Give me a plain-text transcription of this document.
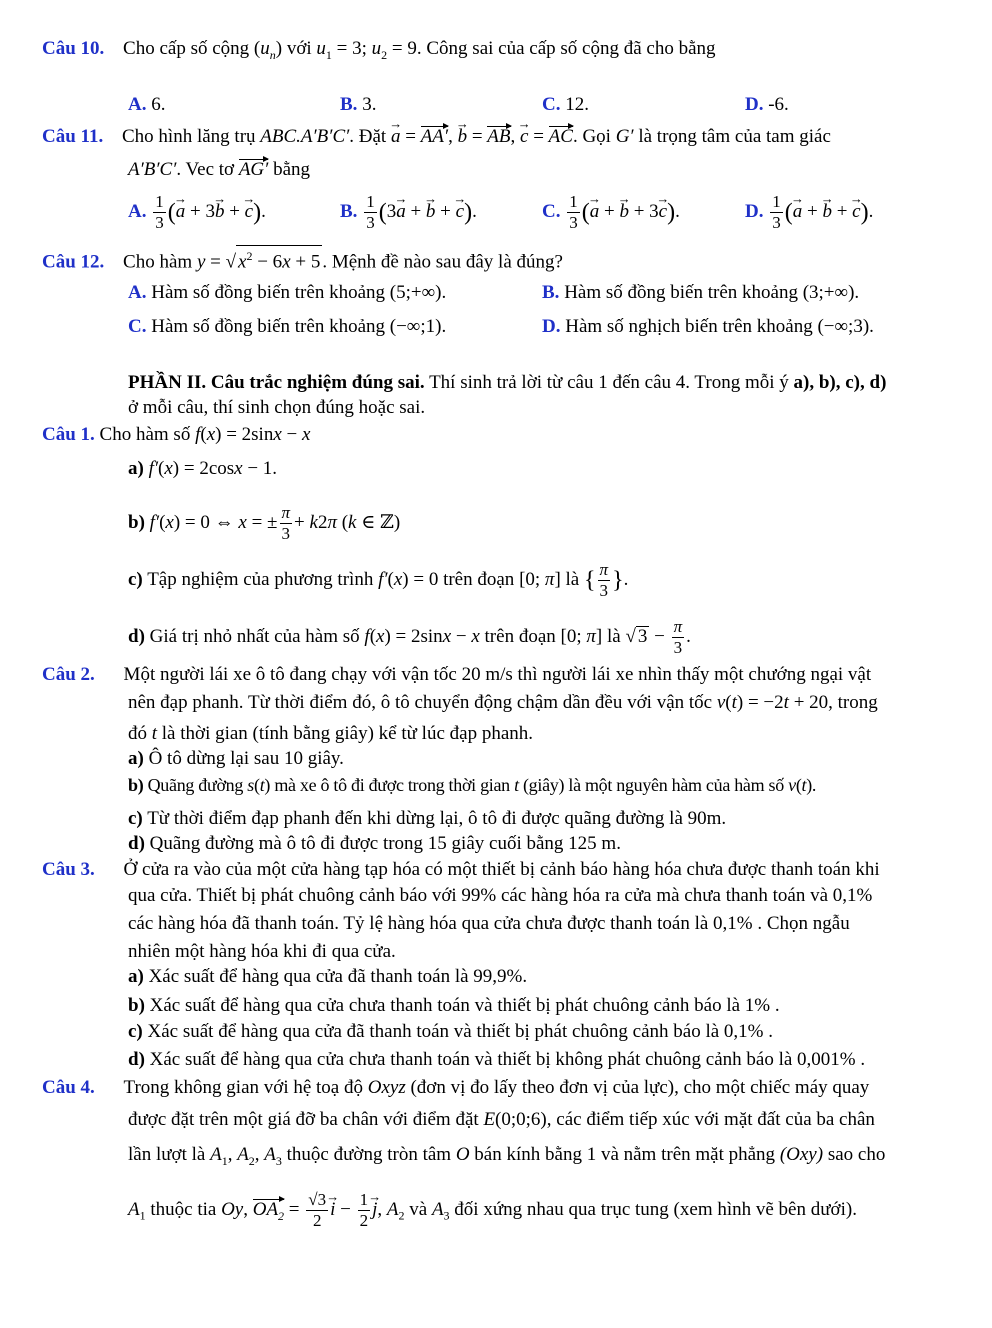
Câu 10. Cho cấp số cộng $(u_n)$ với $u_1 = 3$; $u_2 = 9$. Công sai của cấp số cộng đã cho bằng
A. 6.	B. 3.	C. 12.	D. -6.
Câu 11. Cho hình lăng trụ ABC.A′B′C′. Đặt → a = AA′, → b = AB, → c = AC. Gọi G′ là trọng tâm của tam giác
A′B′C′. Vec tơ AG′ bằng
A. $\frac{1}{3}$ (→ a + 3→ b + → c).	B. $\frac{1}{3} (3\to a$ + → b + → c).	C. $\frac{1}{3}$ (→ a + → b + 3→ c).	D. $\frac{1}{3}$ (→ a + → b + → c).
Câu 12. Cho hàm y = √ $x^2 - 6x + 5$ . Mệnh đề nào sau đây là đúng?
A. Hàm số đồng biến trên khoảng (5;+∞).	B. Hàm số đồng biến trên khoảng (3;+∞).
C. Hàm số đồng biến trên khoảng (−∞;1).	D. Hàm số nghịch biến trên khoảng (−∞;3).
PHẦN II. Câu trắc nghiệm đúng sai. Thí sinh trả lời từ câu 1 đến câu 4. Trong mỗi ý a), b), c), d)
ở mỗi câu, thí sinh chọn đúng hoặc sai.
Câu 1. Cho hàm số f(x) = 2sinx − x
a) f′(x) = 2cosx − 1.
b) f′(x) = 0 ⇔ x = ± $\frac{\pi}{3} + k2\pi$ (k ∈ ℤ)
c) Tập nghiệm của phương trình f′(x) = 0 trên đoạn [0; π] là { $\frac{\pi}{3}$ }.
d) Giá trị nhỏ nhất của hàm số f(x) = 2sinx − x trên đoạn [0; π] là √ $3 - \frac{\pi}{3}$ .
Câu 2. Một người lái xe ô tô đang chạy với vận tốc 20 m/s thì người lái xe nhìn thấy một chướng ngại vật
nên đạp phanh. Từ thời điểm đó, ô tô chuyển động chậm dần đều với vận tốc v(t) = −2t + 20, trong
đó t là thời gian (tính bằng giây) kể từ lúc đạp phanh.
a) Ô tô dừng lại sau 10 giây.
b) Quãng đường s(t) mà xe ô tô đi được trong thời gian t (giây) là một nguyên hàm của hàm số v(t).
c) Từ thời điểm đạp phanh đến khi dừng lại, ô tô đi được quãng đường là 90m.
d) Quãng đường mà ô tô đi được trong 15 giây cuối bằng 125 m.
Câu 3. Ở cửa ra vào của một cửa hàng tạp hóa có một thiết bị cảnh báo hàng hóa chưa được thanh toán khi
qua cửa. Thiết bị phát chuông cảnh báo với 99% các hàng hóa ra cửa mà chưa thanh toán và 0,1%
các hàng hóa đã thanh toán. Tỷ lệ hàng hóa qua cửa chưa được thanh toán là 0,1% . Chọn ngẫu
nhiên một hàng hóa khi đi qua cửa.
a) Xác suất để hàng qua cửa đã thanh toán là 99,9%.
b) Xác suất để hàng qua cửa chưa thanh toán và thiết bị phát chuông cảnh báo là 1% .
c) Xác suất để hàng qua cửa đã thanh toán và thiết bị phát chuông cảnh báo là 0,1% .
d) Xác suất để hàng qua cửa chưa thanh toán và thiết bị không phát chuông cảnh báo là 0,001% .
Câu 4. Trong không gian với hệ toạ độ Oxyz (đơn vị đo lấy theo đơn vị của lực), cho một chiếc máy quay
được đặt trên một giá đỡ ba chân với điểm đặt E(0;0;6), các điểm tiếp xúc với mặt đất của ba chân
lần lượt là $A_1$, $A_2$, $A_3$ thuộc đường tròn tâm O bán kính bằng 1 và nằm trên mặt phẳng (Oxy) sao cho
$A_1$ thuộc tia Oy, $OA_2 = \frac{√3}{2}$
→ $i - \frac{1}{2}$
→ j, $A_2$ và $A_3$ đối xứng nhau qua trục tung (xem hình vẽ bên dưới).
